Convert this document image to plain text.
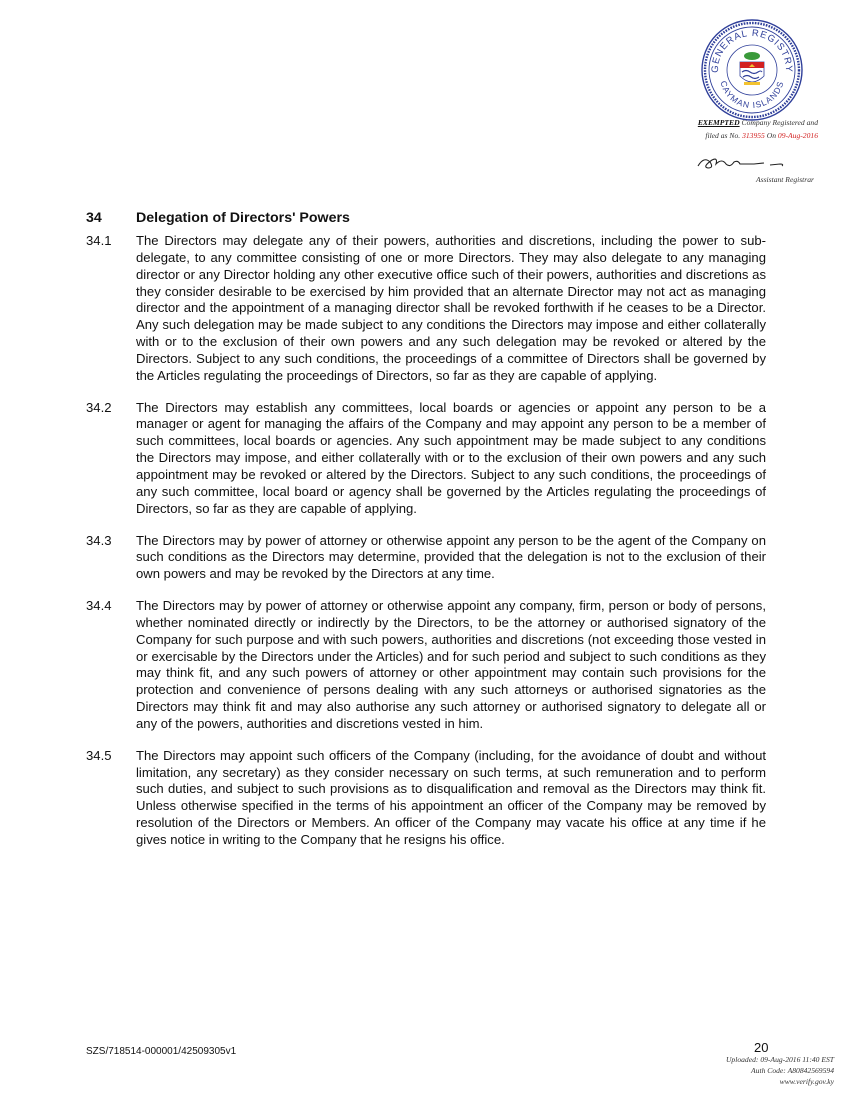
GENERAL REGISTRY
CAYMAN ISLANDS
EXEMPTED Company Registered and
filed as No. 313955 On 09-Aug-2016
Assistant Registrar
34 Delegation of Directors' Powers
34.1	The Directors may delegate any of their powers, authorities and discretions, including the power to sub-delegate, to any committee consisting of one or more Directors. They may also delegate to any managing director or any Director holding any other executive office such of their powers, authorities and discretions as they consider desirable to be exercised by him provided that an alternate Director may not act as managing director and the appointment of a managing director shall be revoked forthwith if he ceases to be a Director. Any such delegation may be made subject to any conditions the Directors may impose and either collaterally with or to the exclusion of their own powers and any such delegation may be revoked or altered by the Directors. Subject to any such conditions, the proceedings of a committee of Directors shall be governed by the Articles regulating the proceedings of Directors, so far as they are capable of applying.
34.2	The Directors may establish any committees, local boards or agencies or appoint any person to be a manager or agent for managing the affairs of the Company and may appoint any person to be a member of such committees, local boards or agencies. Any such appointment may be made subject to any conditions the Directors may impose, and either collaterally with or to the exclusion of their own powers and any such appointment may be revoked or altered by the Directors. Subject to any such conditions, the proceedings of any such committee, local board or agency shall be governed by the Articles regulating the proceedings of Directors, so far as they are capable of applying.
34.3	The Directors may by power of attorney or otherwise appoint any person to be the agent of the Company on such conditions as the Directors may determine, provided that the delegation is not to the exclusion of their own powers and may be revoked by the Directors at any time.
34.4	The Directors may by power of attorney or otherwise appoint any company, firm, person or body of persons, whether nominated directly or indirectly by the Directors, to be the attorney or authorised signatory of the Company for such purpose and with such powers, authorities and discretions (not exceeding those vested in or exercisable by the Directors under the Articles) and for such period and subject to such conditions as they may think fit, and any such powers of attorney or other appointment may contain such provisions for the protection and convenience of persons dealing with any such attorneys or authorised signatories as the Directors may think fit and may also authorise any such attorney or authorised signatory to delegate all or any of the powers, authorities and discretions vested in him.
34.5	The Directors may appoint such officers of the Company (including, for the avoidance of doubt and without limitation, any secretary) as they consider necessary on such terms, at such remuneration and to perform such duties, and subject to such provisions as to disqualification and removal as the Directors may think fit. Unless otherwise specified in the terms of his appointment an officer of the Company may be removed by resolution of the Directors or Members. An officer of the Company may vacate his office at any time if he gives notice in writing to the Company that he resigns his office.
SZS/718514-000001/42509305v1	20
Uploaded: 09-Aug-2016 11:40 EST
Auth Code: A80842569594
www.verify.gov.ky
